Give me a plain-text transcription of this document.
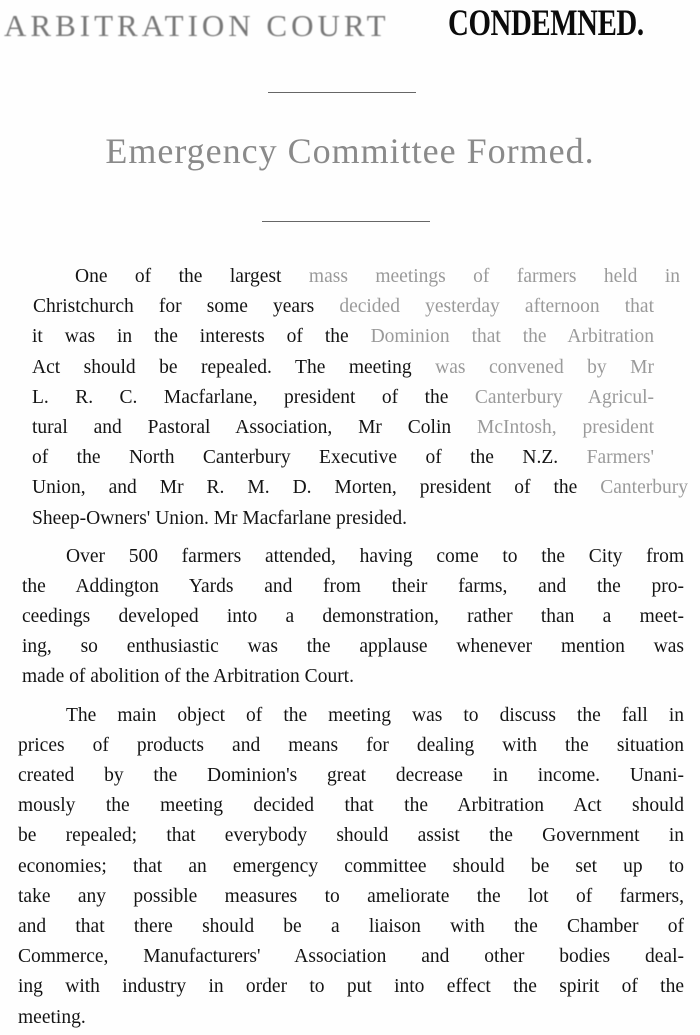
ARBITRATION COURT CONDEMNED.
Emergency Committee Formed.
One of the largest mass meetings of farmers held in
Christchurch for some years decided yesterday afternoon that
it was in the interests of the Dominion that the Arbitration
Act should be repealed. The meeting was convened by Mr
L. R. C. Macfarlane, president of the Canterbury Agricul-
tural and Pastoral Association, Mr Colin McIntosh, president
of the North Canterbury Executive of the N.Z. Farmers'
Union, and Mr R. M. D. Morten, president of the Canterbury
Sheep-Owners' Union. Mr Macfarlane presided.
Over 500 farmers attended, having come to the City from
the Addington Yards and from their farms, and the pro-
ceedings developed into a demonstration, rather than a meet-
ing, so enthusiastic was the applause whenever mention was
made of abolition of the Arbitration Court.
The main object of the meeting was to discuss the fall in
prices of products and means for dealing with the situation
created by the Dominion's great decrease in income. Unani-
mously the meeting decided that the Arbitration Act should
be repealed; that everybody should assist the Government in
economies; that an emergency committee should be set up to
take any possible measures to ameliorate the lot of farmers,
and that there should be a liaison with the Chamber of
Commerce, Manufacturers' Association and other bodies deal-
ing with industry in order to put into effect the spirit of the
meeting.
